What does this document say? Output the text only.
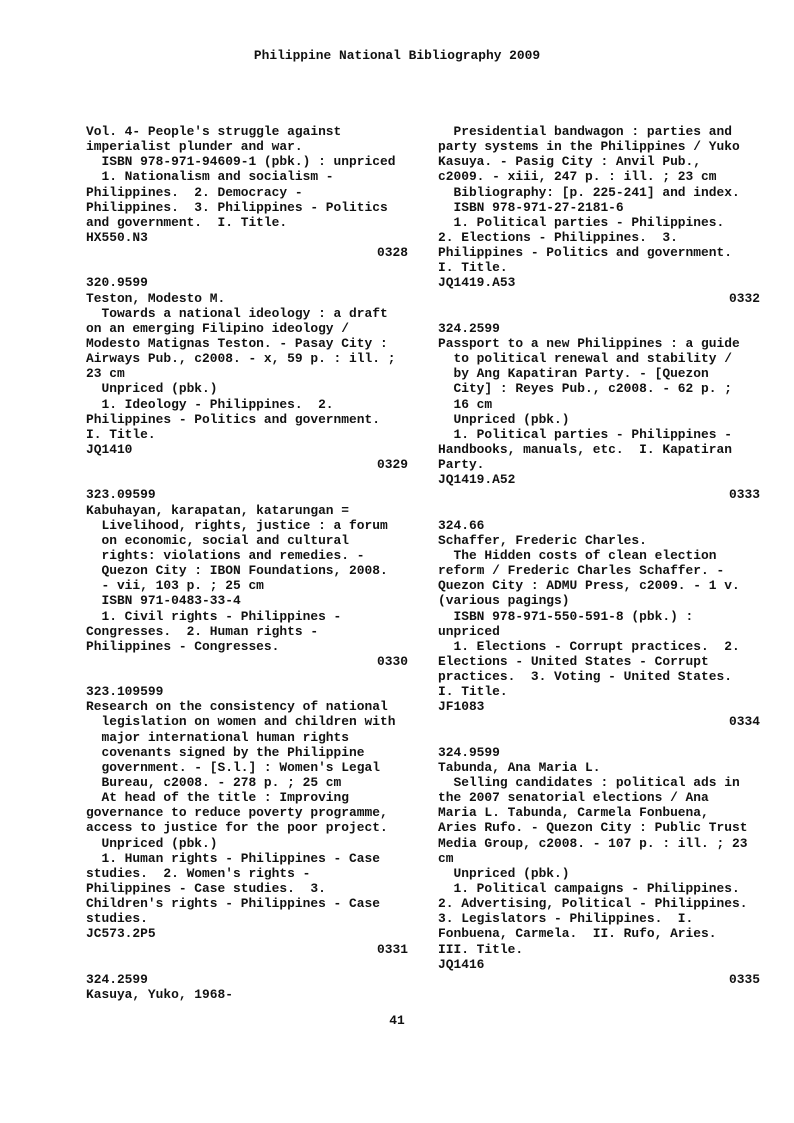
Philippine National Bibliography 2009
Vol. 4- People's struggle against
imperialist plunder and war.
ISBN 978-971-94609-1 (pbk.) : unpriced
1. Nationalism and socialism -
Philippines.  2. Democracy -
Philippines.  3. Philippines - Politics
and government.  I. Title.
HX550.N3
0328
320.9599
Teston, Modesto M.
Towards a national ideology : a draft
on an emerging Filipino ideology /
Modesto Matignas Teston. - Pasay City :
Airways Pub., c2008. - x, 59 p. : ill. ;
23 cm
Unpriced (pbk.)
1. Ideology - Philippines.  2.
Philippines - Politics and government.
I. Title.
JQ1410
0329
323.09599
Kabuhayan, karapatan, katarungan =
Livelihood, rights, justice : a forum
on economic, social and cultural
rights: violations and remedies. -
Quezon City : IBON Foundations, 2008.
- vii, 103 p. ; 25 cm
ISBN 971-0483-33-4
1. Civil rights - Philippines -
Congresses.  2. Human rights -
Philippines - Congresses.
0330
323.109599
Research on the consistency of national
legislation on women and children with
major international human rights
covenants signed by the Philippine
government. - [S.l.] : Women's Legal
Bureau, c2008. - 278 p. ; 25 cm
At head of the title : Improving
governance to reduce poverty programme,
access to justice for the poor project.
Unpriced (pbk.)
1. Human rights - Philippines - Case
studies.  2. Women's rights -
Philippines - Case studies.  3.
Children's rights - Philippines - Case
studies.
JC573.2P5
0331
324.2599
Kasuya, Yuko, 1968-
Presidential bandwagon : parties and
party systems in the Philippines / Yuko
Kasuya. - Pasig City : Anvil Pub.,
c2009. - xiii, 247 p. : ill. ; 23 cm
Bibliography: [p. 225-241] and index.
ISBN 978-971-27-2181-6
1. Political parties - Philippines.
2. Elections - Philippines.  3.
Philippines - Politics and government.
I. Title.
JQ1419.A53
0332
324.2599
Passport to a new Philippines : a guide
to political renewal and stability /
by Ang Kapatiran Party. - [Quezon
City] : Reyes Pub., c2008. - 62 p. ;
16 cm
Unpriced (pbk.)
1. Political parties - Philippines -
Handbooks, manuals, etc.  I. Kapatiran
Party.
JQ1419.A52
0333
324.66
Schaffer, Frederic Charles.
The Hidden costs of clean election
reform / Frederic Charles Schaffer. -
Quezon City : ADMU Press, c2009. - 1 v.
(various pagings)
ISBN 978-971-550-591-8 (pbk.) :
unpriced
1. Elections - Corrupt practices.  2.
Elections - United States - Corrupt
practices.  3. Voting - United States.
I. Title.
JF1083
0334
324.9599
Tabunda, Ana Maria L.
Selling candidates : political ads in
the 2007 senatorial elections / Ana
Maria L. Tabunda, Carmela Fonbuena,
Aries Rufo. - Quezon City : Public Trust
Media Group, c2008. - 107 p. : ill. ; 23
cm
Unpriced (pbk.)
1. Political campaigns - Philippines.
2. Advertising, Political - Philippines.
3. Legislators - Philippines.  I.
Fonbuena, Carmela.  II. Rufo, Aries.
III. Title.
JQ1416
0335
41
